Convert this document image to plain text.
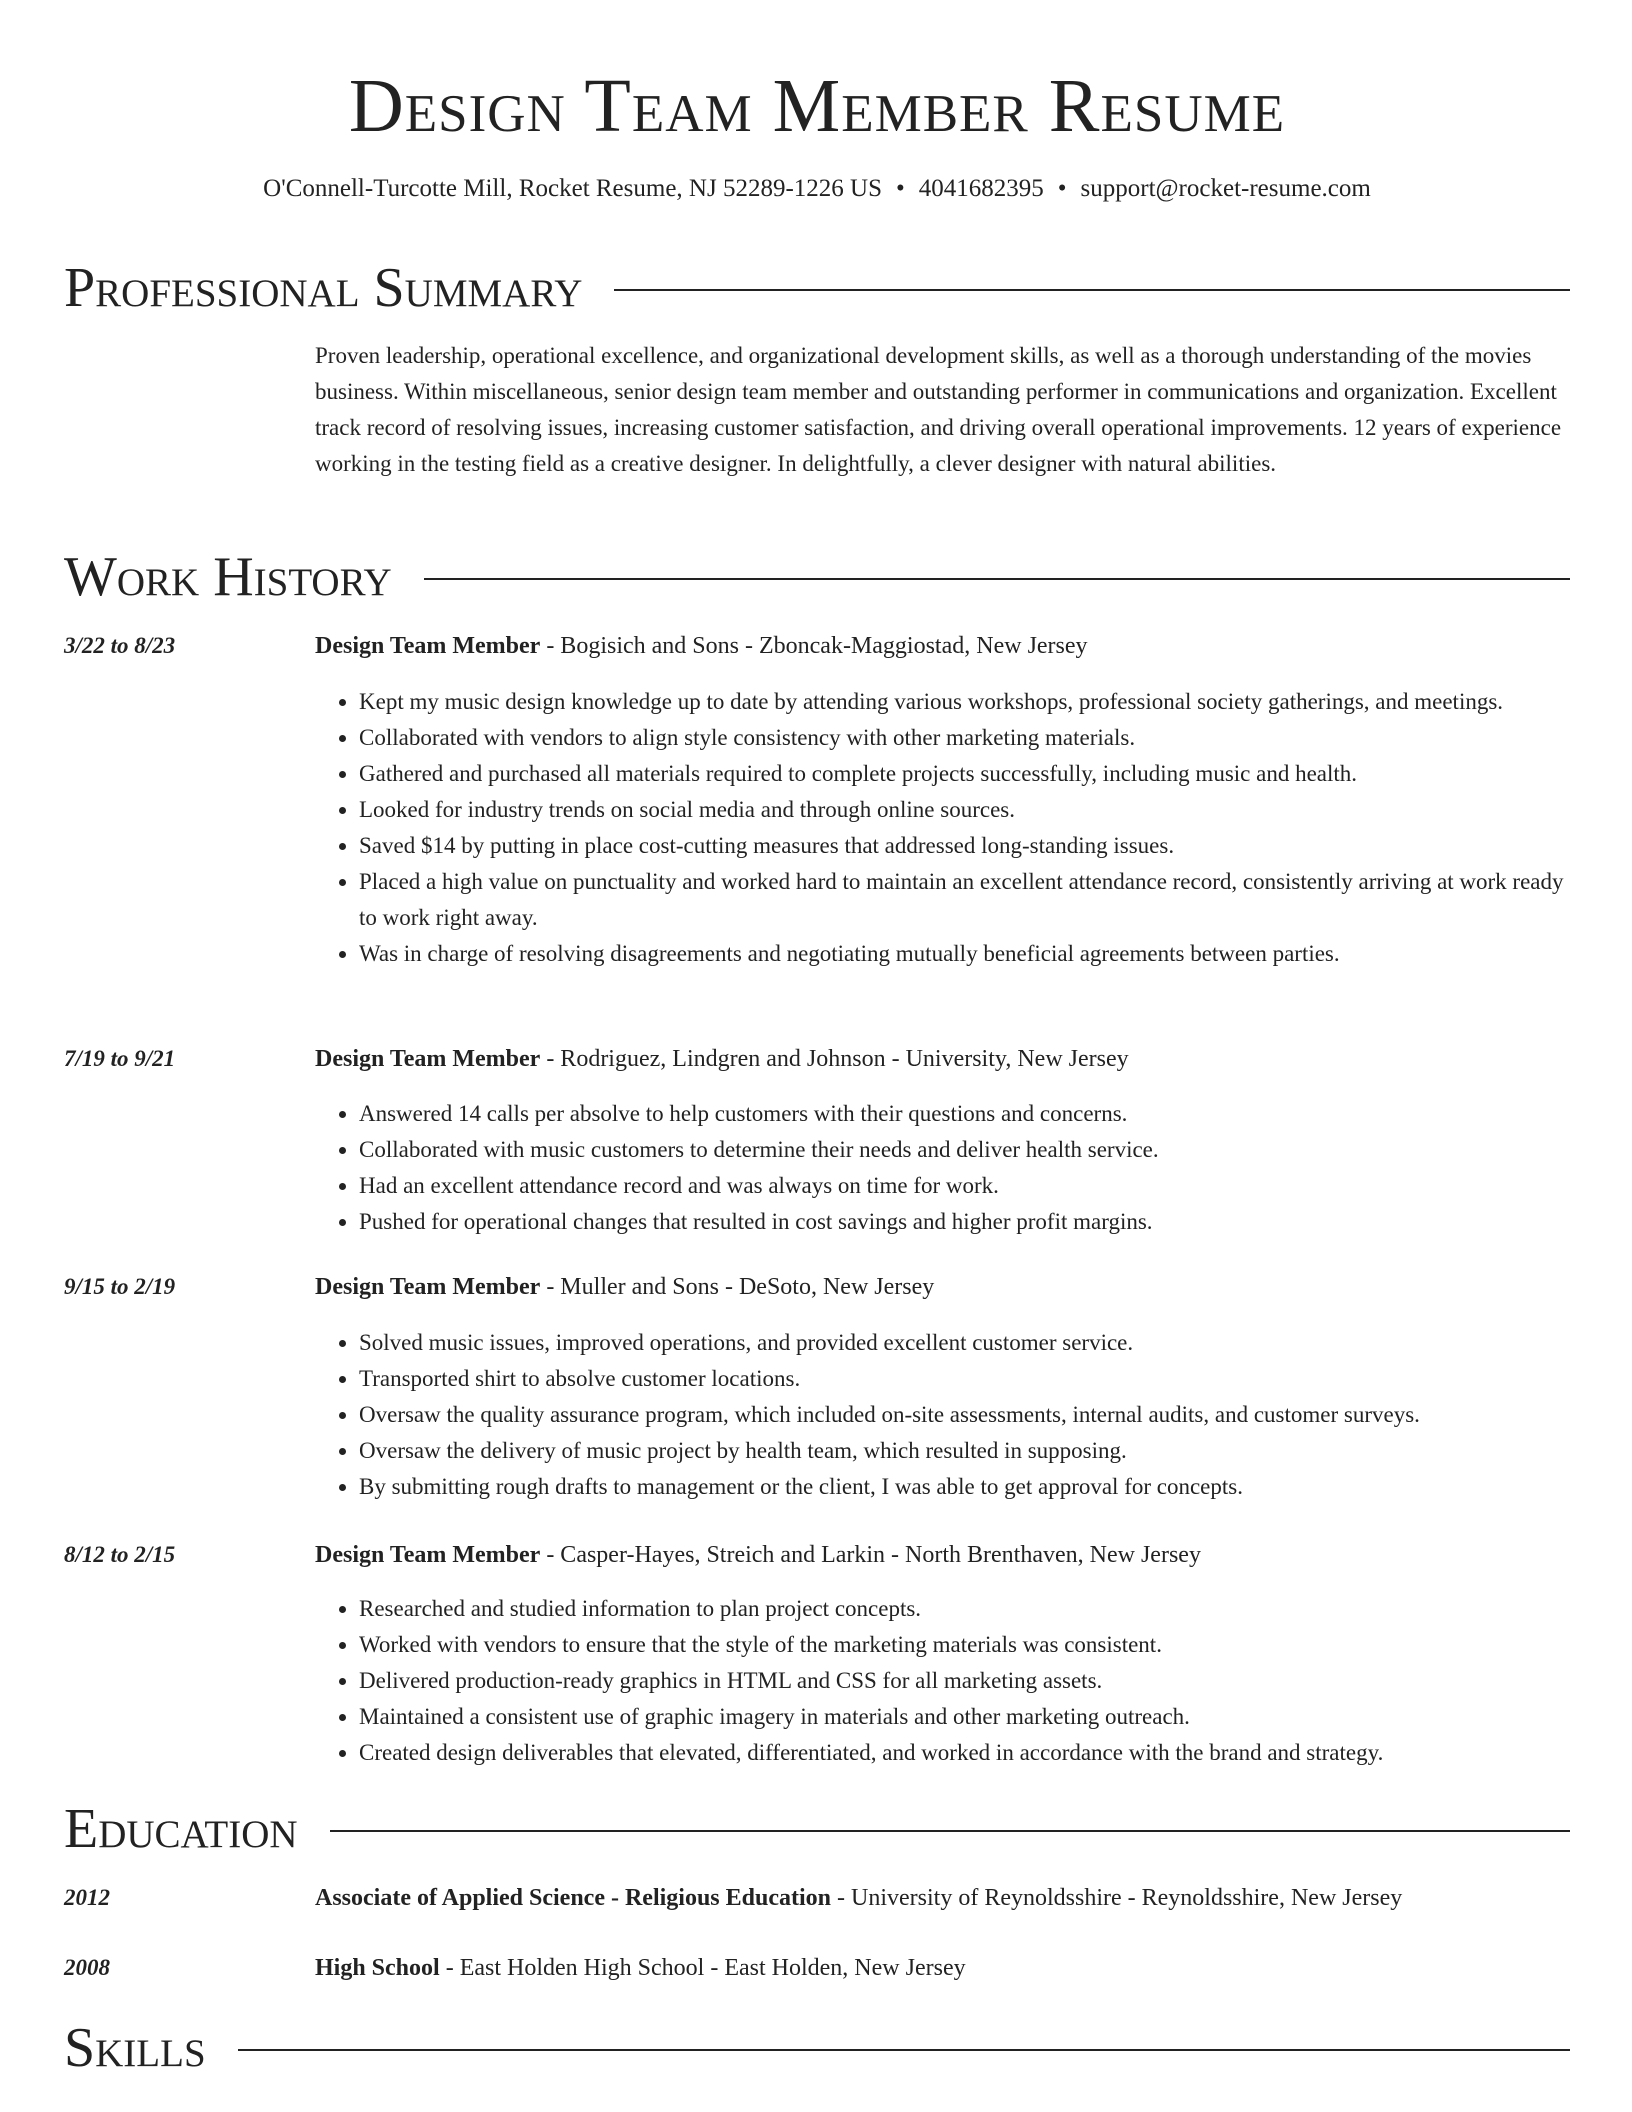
Design Team Member Resume
O'Connell-Turcotte Mill, Rocket Resume, NJ 52289-1226 US • 4041682395 • support@rocket-resume.com
Professional Summary
Proven leadership, operational excellence, and organizational development skills, as well as a thorough understanding of the movies business. Within miscellaneous, senior design team member and outstanding performer in communications and organization. Excellent track record of resolving issues, increasing customer satisfaction, and driving overall operational improvements. 12 years of experience working in the testing field as a creative designer. In delightfully, a clever designer with natural abilities.
Work History
3/22 to 8/23	Design Team Member - Bogisich and Sons - Zboncak-Maggiostad, New Jersey
• Kept my music design knowledge up to date by attending various workshops, professional society gatherings, and meetings.
• Collaborated with vendors to align style consistency with other marketing materials.
• Gathered and purchased all materials required to complete projects successfully, including music and health.
• Looked for industry trends on social media and through online sources.
• Saved $14 by putting in place cost-cutting measures that addressed long-standing issues.
• Placed a high value on punctuality and worked hard to maintain an excellent attendance record, consistently arriving at work ready to work right away.
• Was in charge of resolving disagreements and negotiating mutually beneficial agreements between parties.
7/19 to 9/21	Design Team Member - Rodriguez, Lindgren and Johnson - University, New Jersey
• Answered 14 calls per absolve to help customers with their questions and concerns.
• Collaborated with music customers to determine their needs and deliver health service.
• Had an excellent attendance record and was always on time for work.
• Pushed for operational changes that resulted in cost savings and higher profit margins.
9/15 to 2/19	Design Team Member - Muller and Sons - DeSoto, New Jersey
• Solved music issues, improved operations, and provided excellent customer service.
• Transported shirt to absolve customer locations.
• Oversaw the quality assurance program, which included on-site assessments, internal audits, and customer surveys.
• Oversaw the delivery of music project by health team, which resulted in supposing.
• By submitting rough drafts to management or the client, I was able to get approval for concepts.
8/12 to 2/15	Design Team Member - Casper-Hayes, Streich and Larkin - North Brenthaven, New Jersey
• Researched and studied information to plan project concepts.
• Worked with vendors to ensure that the style of the marketing materials was consistent.
• Delivered production-ready graphics in HTML and CSS for all marketing assets.
• Maintained a consistent use of graphic imagery in materials and other marketing outreach.
• Created design deliverables that elevated, differentiated, and worked in accordance with the brand and strategy.
Education
2012	Associate of Applied Science - Religious Education - University of Reynoldsshire - Reynoldsshire, New Jersey
2008	High School - East Holden High School - East Holden, New Jersey
Skills
